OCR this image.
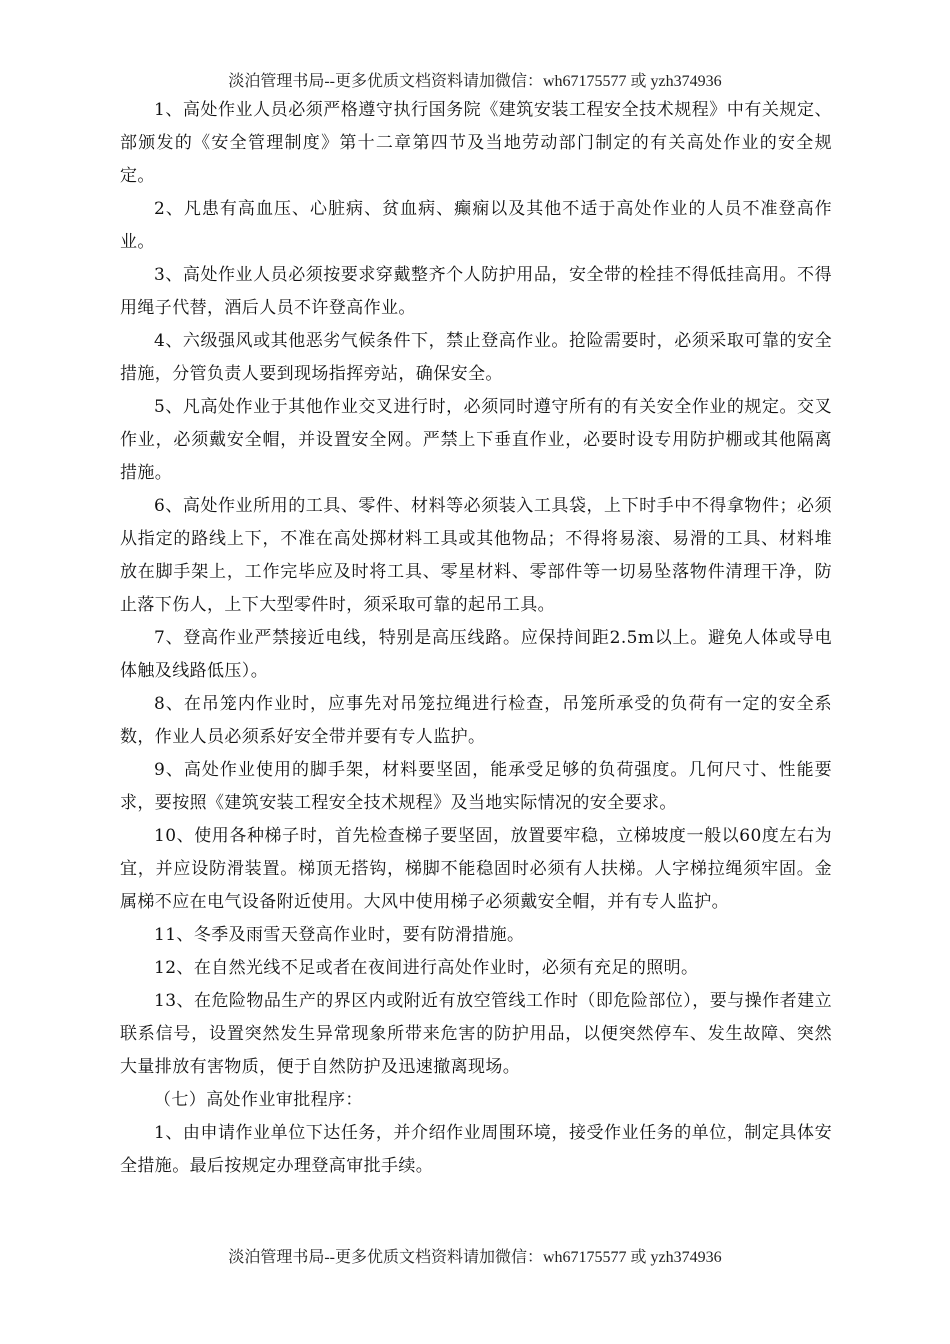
淡泊管理书局--更多优质文档资料请加微信：wh67175577 或 yzh374936

1、高处作业人员必须严格遵守执行国务院《建筑安装工程安全技术规程》中有关规定、部颁发的《安全管理制度》第十二章第四节及当地劳动部门制定的有关高处作业的安全规定。

2、凡患有高血压、心脏病、贫血病、癫痫以及其他不适于高处作业的人员不准登高作业。

3、高处作业人员必须按要求穿戴整齐个人防护用品，安全带的栓挂不得低挂高用。不得用绳子代替，酒后人员不许登高作业。

4、六级强风或其他恶劣气候条件下，禁止登高作业。抢险需要时，必须采取可靠的安全措施，分管负责人要到现场指挥旁站，确保安全。

5、凡高处作业于其他作业交叉进行时，必须同时遵守所有的有关安全作业的规定。交叉作业，必须戴安全帽，并设置安全网。严禁上下垂直作业，必要时设专用防护棚或其他隔离措施。

6、高处作业所用的工具、零件、材料等必须装入工具袋，上下时手中不得拿物件；必须从指定的路线上下，不准在高处掷材料工具或其他物品；不得将易滚、易滑的工具、材料堆放在脚手架上，工作完毕应及时将工具、零星材料、零部件等一切易坠落物件清理干净，防止落下伤人，上下大型零件时，须采取可靠的起吊工具。

7、登高作业严禁接近电线，特别是高压线路。应保持间距2.5m以上。避免人体或导电体触及线路低压）。

8、在吊笼内作业时，应事先对吊笼拉绳进行检查，吊笼所承受的负荷有一定的安全系数，作业人员必须系好安全带并要有专人监护。

9、高处作业使用的脚手架，材料要坚固，能承受足够的负荷强度。几何尺寸、性能要求，要按照《建筑安装工程安全技术规程》及当地实际情况的安全要求。

10、使用各种梯子时，首先检查梯子要坚固，放置要牢稳，立梯坡度一般以60度左右为宜，并应设防滑装置。梯顶无搭钩，梯脚不能稳固时必须有人扶梯。人字梯拉绳须牢固。金属梯不应在电气设备附近使用。大风中使用梯子必须戴安全帽，并有专人监护。

11、冬季及雨雪天登高作业时，要有防滑措施。

12、在自然光线不足或者在夜间进行高处作业时，必须有充足的照明。

13、在危险物品生产的界区内或附近有放空管线工作时（即危险部位），要与操作者建立联系信号，设置突然发生异常现象所带来危害的防护用品，以便突然停车、发生故障、突然大量排放有害物质，便于自然防护及迅速撤离现场。

（七）高处作业审批程序：

1、由申请作业单位下达任务，并介绍作业周围环境，接受作业任务的单位，制定具体安全措施。最后按规定办理登高审批手续。

淡泊管理书局--更多优质文档资料请加微信：wh67175577 或 yzh374936
